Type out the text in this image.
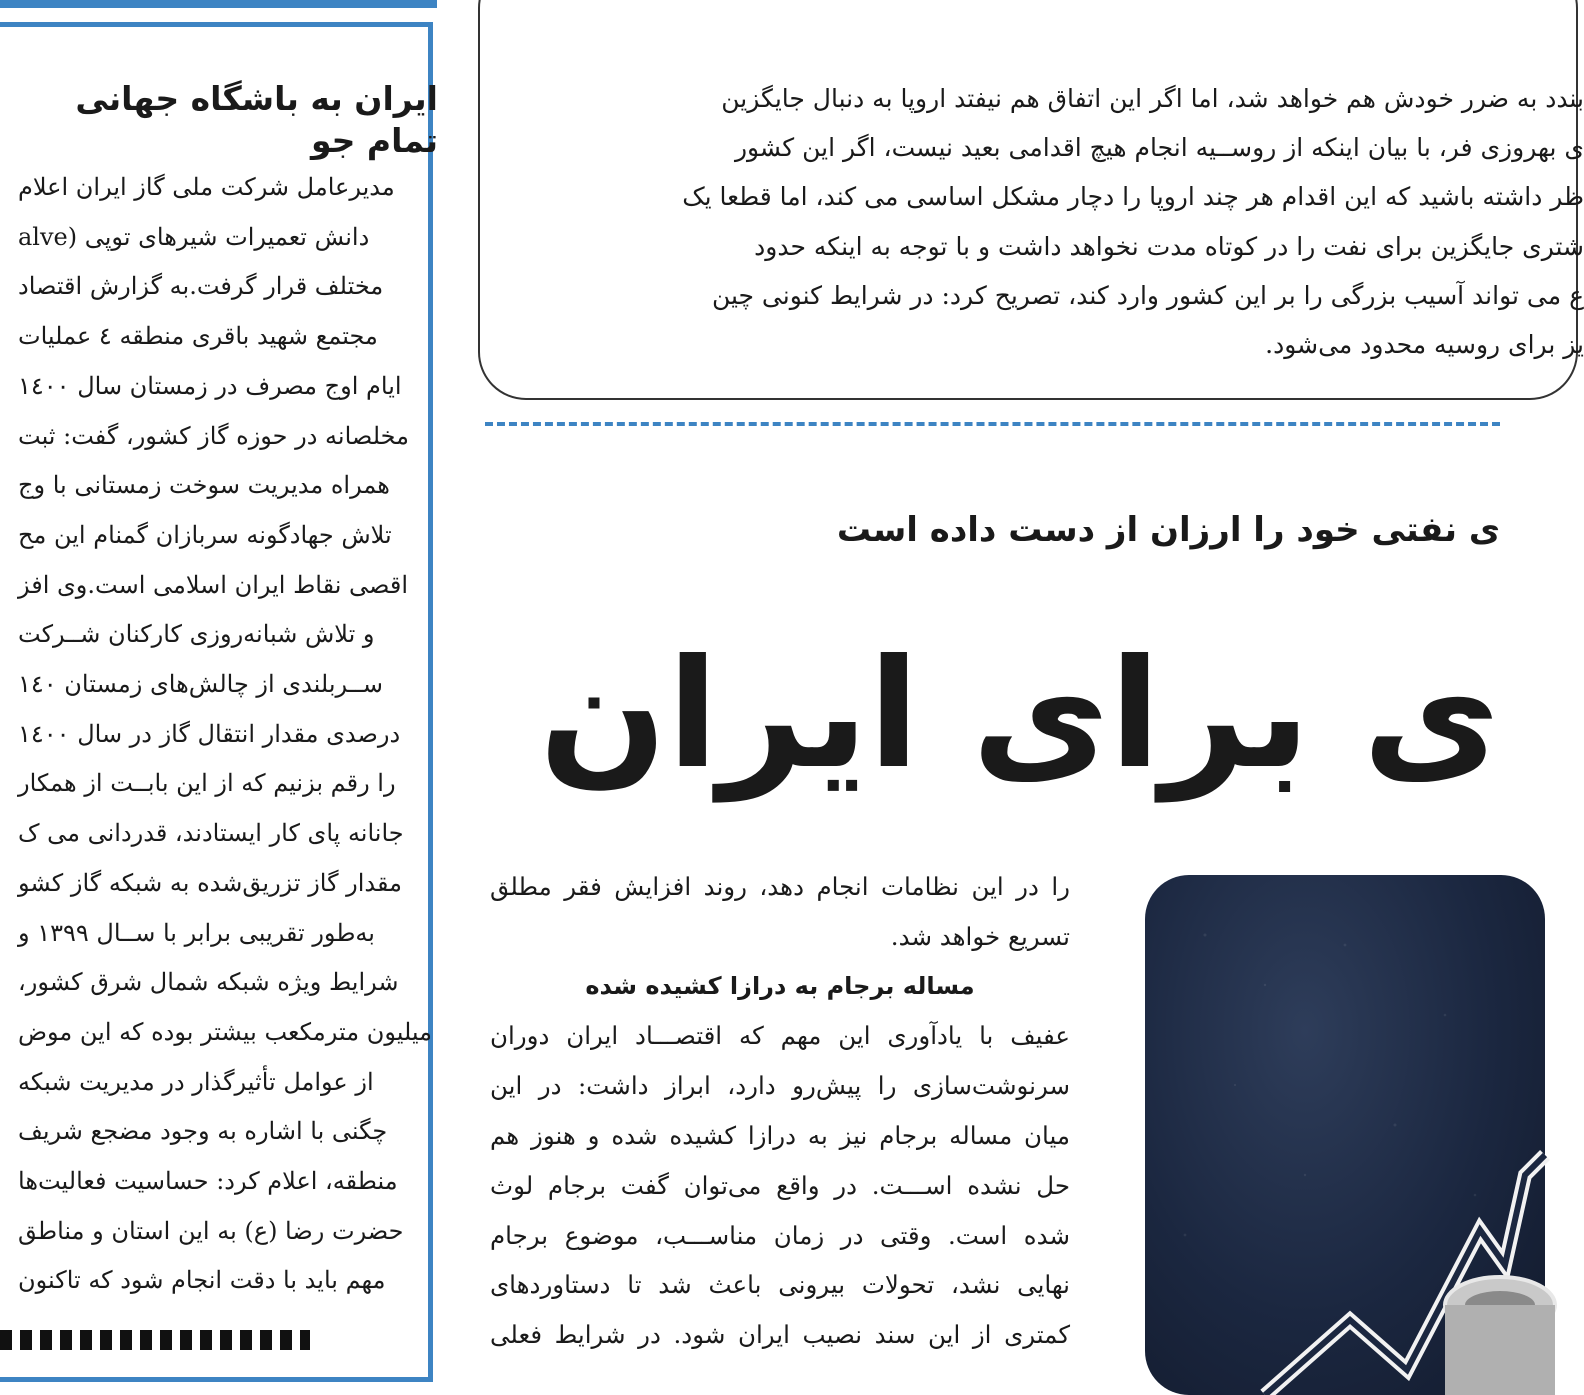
ایران به باشگاه جهانی
تمام جو
مدیرعامل شرکت ملی گاز ایران اعلام
دانش تعمیرات شیرهای توپی (alve
مختلف قرار گرفت.به گزارش اقتصاد
مجتمع شهید باقری منطقه ٤ عملیات
ایام اوج مصرف در زمستان سال ١٤٠٠
مخلصانه در حوزه گاز کشور، گفت: ثبت
همراه مدیریت سوخت زمستانی با وج
تلاش جهادگونه سربازان گمنام این مح
اقصی نقاط ایران اسلامی است.وی افز
و تلاش شبانه‌روزی کارکنان شــرکت
ســربلندی از چالش‌های زمستان ١٤٠
درصدی مقدار انتقال گاز در سال ١٤٠٠
را رقم بزنیم که از این بابــت از همکار
جانانه پای کار ایستادند، قدردانی می ک
مقدار گاز تزریق‌شده به شبکه گاز کشو
به‌طور تقریبی برابر با ســال ١٣٩٩ و
شرایط ویژه شبکه شمال شرق کشور،
میلیون مترمکعب بیشتر بوده که این موض
از عوامل تأثیرگذار در مدیریت شبکه
چگنی با اشاره به وجود مضجع شریف
منطقه، اعلام کرد: حساسیت فعالیت‌ها
حضرت رضا (ع) به این استان و مناطق
مهم باید با دقت انجام شود که تاکنون
بندد به ضرر خودش هم خواهد شد، اما اگر این اتفاق هم نیفتد اروپا به دنبال جایگزین
ی بهروزی فر، با بیان اینکه از روســیه انجام هیچ اقدامی بعید نیست، اگر این کشور
ظر داشته باشید که این اقدام هر چند اروپا را دچار مشکل اساسی می کند، اما قطعا یک
شتری جایگزین برای نفت را در کوتاه مدت نخواهد داشت و با توجه به اینکه حدود
ع می تواند آسیب بزرگی را بر این کشور وارد کند، تصریح کرد: در شرایط کنونی چین
یز برای روسیه محدود می‌شود.
ی نفتی خود را ارزان از دست داده است
ی برای ایران
را در این نظامات انجام دهد، روند افزایش فقر مطلق
تسریع خواهد شد.
مساله برجام به درازا کشیده شده
عفیف با یادآوری این مهم که اقتصـــاد ایران دوران
سرنوشت‌سازی را پیش‌رو دارد، ابراز داشت: در این
میان مساله برجام نیز به درازا کشیده شده و هنوز هم
حل نشده اســـت. در واقع می‌توان گفت برجام لوث
شده است. وقتی در زمان مناســـب، موضوع برجام
نهایی نشد، تحولات بیرونی باعث شد تا دستاوردهای
کمتری از این سند نصیب ایران شود. در شرایط فعلی
